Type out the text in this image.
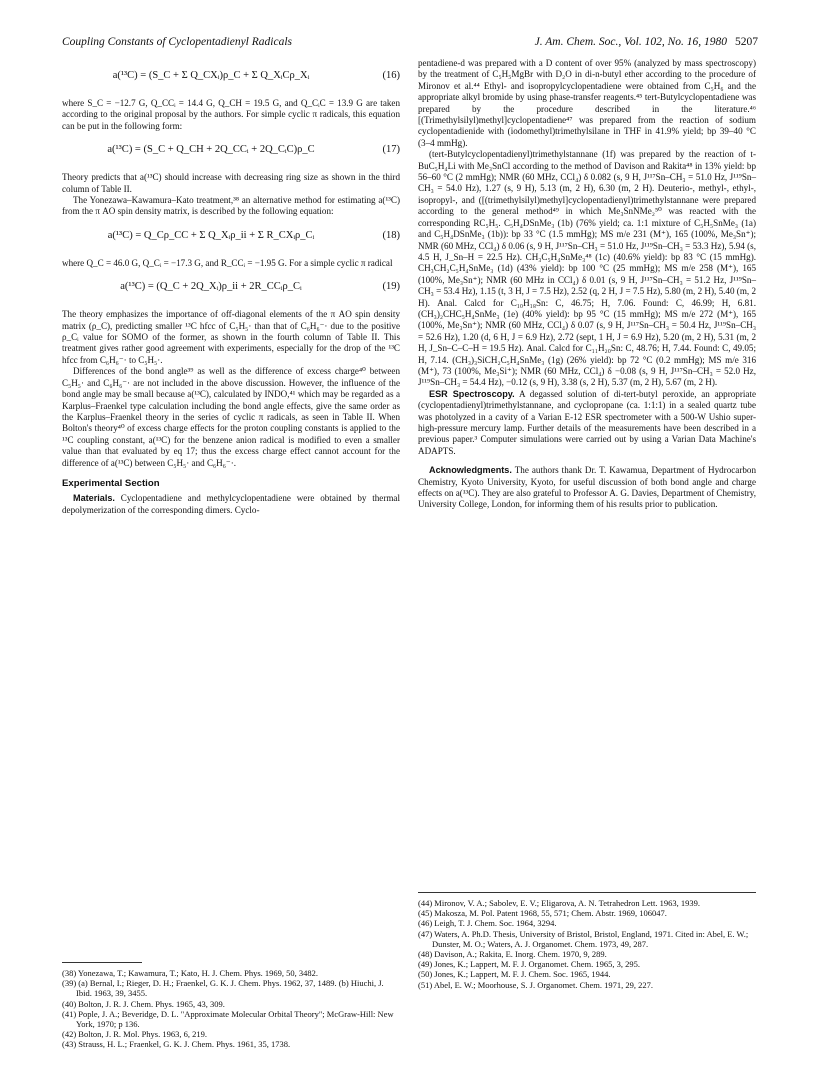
Coupling Constants of Cyclopentadienyl Radicals	J. Am. Chem. Soc., Vol. 102, No. 16, 1980 5207
a(¹³C) = (S_C + Σ Q_CXᵢ)ρ_C + Σ Q_XᵢCρ_Xᵢ	(16)

where S_C = −12.7 G, Q_CCᵢ = 14.4 G, Q_CH = 19.5 G, and Q_CᵢC = 13.9 G are taken according to the original proposal by the authors. For simple cyclic π radicals, this equation can be put in the following form:

a(¹³C) = (S_C + Q_CH + 2Q_CCᵢ + 2Q_CᵢC)ρ_C	(17)

Theory predicts that a(¹³C) should increase with decreasing ring size as shown in the third column of Table II.

The Yonezawa–Kawamura–Kato treatment,³⁸ an alternative method for estimating a(¹³C) from the π AO spin density matrix, is described by the following equation:

a(¹³C) = Q_Cρ_CC + Σ Q_Xᵢρ_ii + Σ R_CXᵢρ_Cᵢ	(18)

where Q_C = 46.0 G, Q_Cᵢ = −17.3 G, and R_CCᵢ = −1.95 G. For a simple cyclic π radical

a(¹³C) = (Q_C + 2Q_Xᵢ)ρ_ii + 2R_CCᵢρ_Cᵢ	(19)

The theory emphasizes the importance of off-diagonal elements of the π AO spin density matrix (ρ_C), predicting smaller ¹³C hfcc of C₅H₅· than that of C₆H₆⁻· due to the positive ρ_Cᵢ value for SOMO of the former, as shown in the fourth column of Table II. This treatment gives rather good agreement with experiments, especially for the drop of the ¹³C hfcc from C₆H₆⁻· to C₅H₅·.

Differences of the bond angle³⁹ as well as the difference of excess charge⁴⁰ between C₅H₅· and C₆H₆⁻· are not included in the above discussion. However, the influence of the bond angle may be small because a(¹³C), calculated by INDO,⁴¹ which may be regarded as a Karplus–Fraenkel type calculation including the bond angle effects, give the same order as the Karplus–Fraenkel theory in the series of cyclic π radicals, as seen in Table II. When Bolton's theory⁴⁰ of excess charge effects for the proton coupling constants is applied to the ¹³C coupling constant, a(¹³C) for the benzene anion radical is modified to even a smaller value than that evaluated by eq 17; thus the excess charge effect cannot account for the difference of a(¹³C) between C₅H₅· and C₆H₆⁻·.

Experimental Section

Materials. Cyclopentadiene and methylcyclopentadiene were obtained by thermal depolymerization of the corresponding dimers. Cyclo-

pentadiene-d was prepared with a D content of over 95% (analyzed by mass spectroscopy) by the treatment of C₅H₅MgBr with D₂O in di-n-butyl ether according to the procedure of Mironov et al.⁴⁴ Ethyl- and isopropylcyclopentadiene were obtained from C₅H₆ and the appropriate alkyl bromide by using phase-transfer reagents.⁴⁵ tert-Butylcyclopentadiene was prepared by the procedure described in the literature.⁴⁶ [(Trimethylsilyl)methyl]cyclopentadiene⁴⁷ was prepared from the reaction of sodium cyclopentadienide with (iodomethyl)trimethylsilane in THF in 41.9% yield; bp 39–40 °C (3–4 mmHg).

(tert-Butylcyclopentadienyl)trimethylstannane (1f) was prepared by the reaction of t-BuC₅H₄Li with Me₃SnCl according to the method of Davison and Rakita⁴⁸ in 13% yield: bp 56–60 °C (2 mmHg); NMR (60 MHz, CCl₄) δ 0.082 (s, 9 H, J¹¹⁷Sn–CH₃ = 51.0 Hz, J¹¹⁹Sn–CH₃ = 54.0 Hz), 1.27 (s, 9 H), 5.13 (m, 2 H), 6.30 (m, 2 H). Deuterio-, methyl-, ethyl-, isopropyl-, and ([(trimethylsilyl)methyl]cyclopentadienyl)trimethylstannane were prepared according to the general method⁴⁹ in which Me₃SnNMe₂⁵⁰ was reacted with the corresponding RC₅H₅. C₅H₄DSnMe₃ (1b) (76% yield; ca. 1:1 mixture of C₅H₅SnMe₃ (1a) and C₅H₄DSnMe₃ (1b)): bp 33 °C (1.5 mmHg); MS m/e 231 (M⁺), 165 (100%, Me₃Sn⁺); NMR (60 MHz, CCl₄) δ 0.06 (s, 9 H, J¹¹⁷Sn–CH₃ = 51.0 Hz, J¹¹⁹Sn–CH₃ = 53.3 Hz), 5.94 (s, 4.5 H, J_Sn–H = 22.5 Hz). CH₃C₅H₄SnMe₃⁴⁸ (1c) (40.6% yield): bp 83 °C (15 mmHg). CH₃CH₂C₅H₄SnMe₃ (1d) (43% yield): bp 100 °C (25 mmHg); MS m/e 258 (M⁺), 165 (100%, Me₃Sn⁺); NMR (60 MHz in CCl₄) δ 0.01 (s, 9 H, J¹¹⁷Sn–CH₃ = 51.2 Hz, J¹¹⁹Sn–CH₃ = 53.4 Hz), 1.15 (t, 3 H, J = 7.5 Hz), 2.52 (q, 2 H, J = 7.5 Hz), 5.80 (m, 2 H), 5.40 (m, 2 H). Anal. Calcd for C₁₀H₁₈Sn: C, 46.75; H, 7.06. Found: C, 46.99; H, 6.81. (CH₃)₂CHC₅H₄SnMe₃ (1e) (40% yield): bp 95 °C (15 mmHg); MS m/e 272 (M⁺), 165 (100%, Me₃Sn⁺); NMR (60 MHz, CCl₄) δ 0.07 (s, 9 H, J¹¹⁷Sn–CH₃ = 50.4 Hz, J¹¹⁹Sn–CH₃ = 52.6 Hz), 1.20 (d, 6 H, J = 6.9 Hz), 2.72 (sept, 1 H, J = 6.9 Hz), 5.20 (m, 2 H), 5.31 (m, 2 H, J_Sn–C–C–H = 19.5 Hz). Anal. Calcd for C₁₁H₂₀Sn: C, 48.76; H, 7.44. Found: C, 49.05; H, 7.14. (CH₃)₃SiCH₂C₅H₄SnMe₃ (1g) (26% yield): bp 72 °C (0.2 mmHg); MS m/e 316 (M⁺), 73 (100%, Me₃Si⁺); NMR (60 MHz, CCl₄) δ −0.08 (s, 9 H, J¹¹⁷Sn–CH₃ = 52.0 Hz, J¹¹⁹Sn–CH₃ = 54.4 Hz), −0.12 (s, 9 H), 3.38 (s, 2 H), 5.37 (m, 2 H), 5.67 (m, 2 H).

ESR Spectroscopy. A degassed solution of di-tert-butyl peroxide, an appropriate (cyclopentadienyl)trimethylstannane, and cyclopropane (ca. 1:1:1) in a sealed quartz tube was photolyzed in a cavity of a Varian E-12 ESR spectrometer with a 500-W Ushio super-high-pressure mercury lamp. Further details of the measurements have been described in a previous paper.³ Computer simulations were carried out by using a Varian Data Machine's ADAPTS.

Acknowledgments. The authors thank Dr. T. Kawamua, Department of Hydrocarbon Chemistry, Kyoto University, Kyoto, for useful discussion of both bond angle and charge effects on a(¹³C). They are also grateful to Professor A. G. Davies, Department of Chemistry, University College, London, for informing them of his results prior to publication.

(38) Yonezawa, T.; Kawamura, T.; Kato, H. J. Chem. Phys. 1969, 50, 3482.
(39) (a) Bernal, I.; Rieger, D. H.; Fraenkel, G. K. J. Chem. Phys. 1962, 37, 1489. (b) Hiuchi, J. Ibid. 1963, 39, 3455.
(40) Bolton, J. R. J. Chem. Phys. 1965, 43, 309.
(41) Pople, J. A.; Beveridge, D. L. "Approximate Molecular Orbital Theory"; McGraw-Hill: New York, 1970; p 136.
(42) Bolton, J. R. Mol. Phys. 1963, 6, 219.
(43) Strauss, H. L.; Fraenkel, G. K. J. Chem. Phys. 1961, 35, 1738.
(44) Mironov, V. A.; Sabolev, E. V.; Eligarova, A. N. Tetrahedron Lett. 1963, 1939.
(45) Makosza, M. Pol. Patent 1968, 55, 571; Chem. Abstr. 1969, 106047.
(46) Leigh, T. J. Chem. Soc. 1964, 3294.
(47) Waters, A. Ph.D. Thesis, University of Bristol, Bristol, England, 1971. Cited in: Abel, E. W.; Dunster, M. O.; Waters, A. J. Organomet. Chem. 1973, 49, 287.
(48) Davison, A.; Rakita, E. Inorg. Chem. 1970, 9, 289.
(49) Jones, K.; Lappert, M. F. J. Organomet. Chem. 1965, 3, 295.
(50) Jones, K.; Lappert, M. F. J. Chem. Soc. 1965, 1944.
(51) Abel, E. W.; Moorhouse, S. J. Organomet. Chem. 1971, 29, 227.
